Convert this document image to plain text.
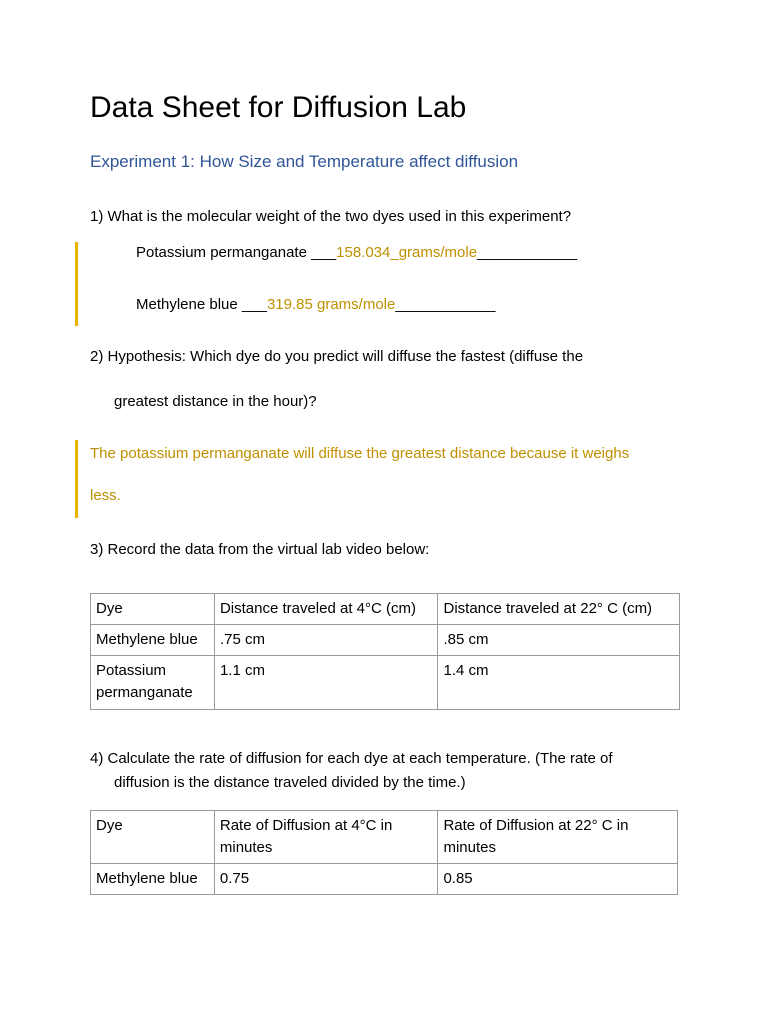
Data Sheet for Diffusion Lab
Experiment 1: How Size and Temperature affect diffusion
1) What is the molecular weight of the two dyes used in this experiment?
Potassium permanganate ___158.034_grams/mole____________
Methylene blue ___319.85 grams/mole____________
2) Hypothesis: Which dye do you predict will diffuse the fastest (diffuse the
greatest distance in the hour)?
The potassium permanganate will diffuse the greatest distance because it weighs
less.
3) Record the data from the virtual lab video below:
Dye	Distance traveled at 4°C (cm)	Distance traveled at 22° C (cm)
Methylene blue	.75 cm	.85 cm
Potassium permanganate	1.1 cm	1.4 cm
4) Calculate the rate of diffusion for each dye at each temperature. (The rate of
diffusion is the distance traveled divided by the time.)
Dye	Rate of Diffusion at 4°C in minutes	Rate of Diffusion at 22° C in minutes
Methylene blue	0.75	0.85
